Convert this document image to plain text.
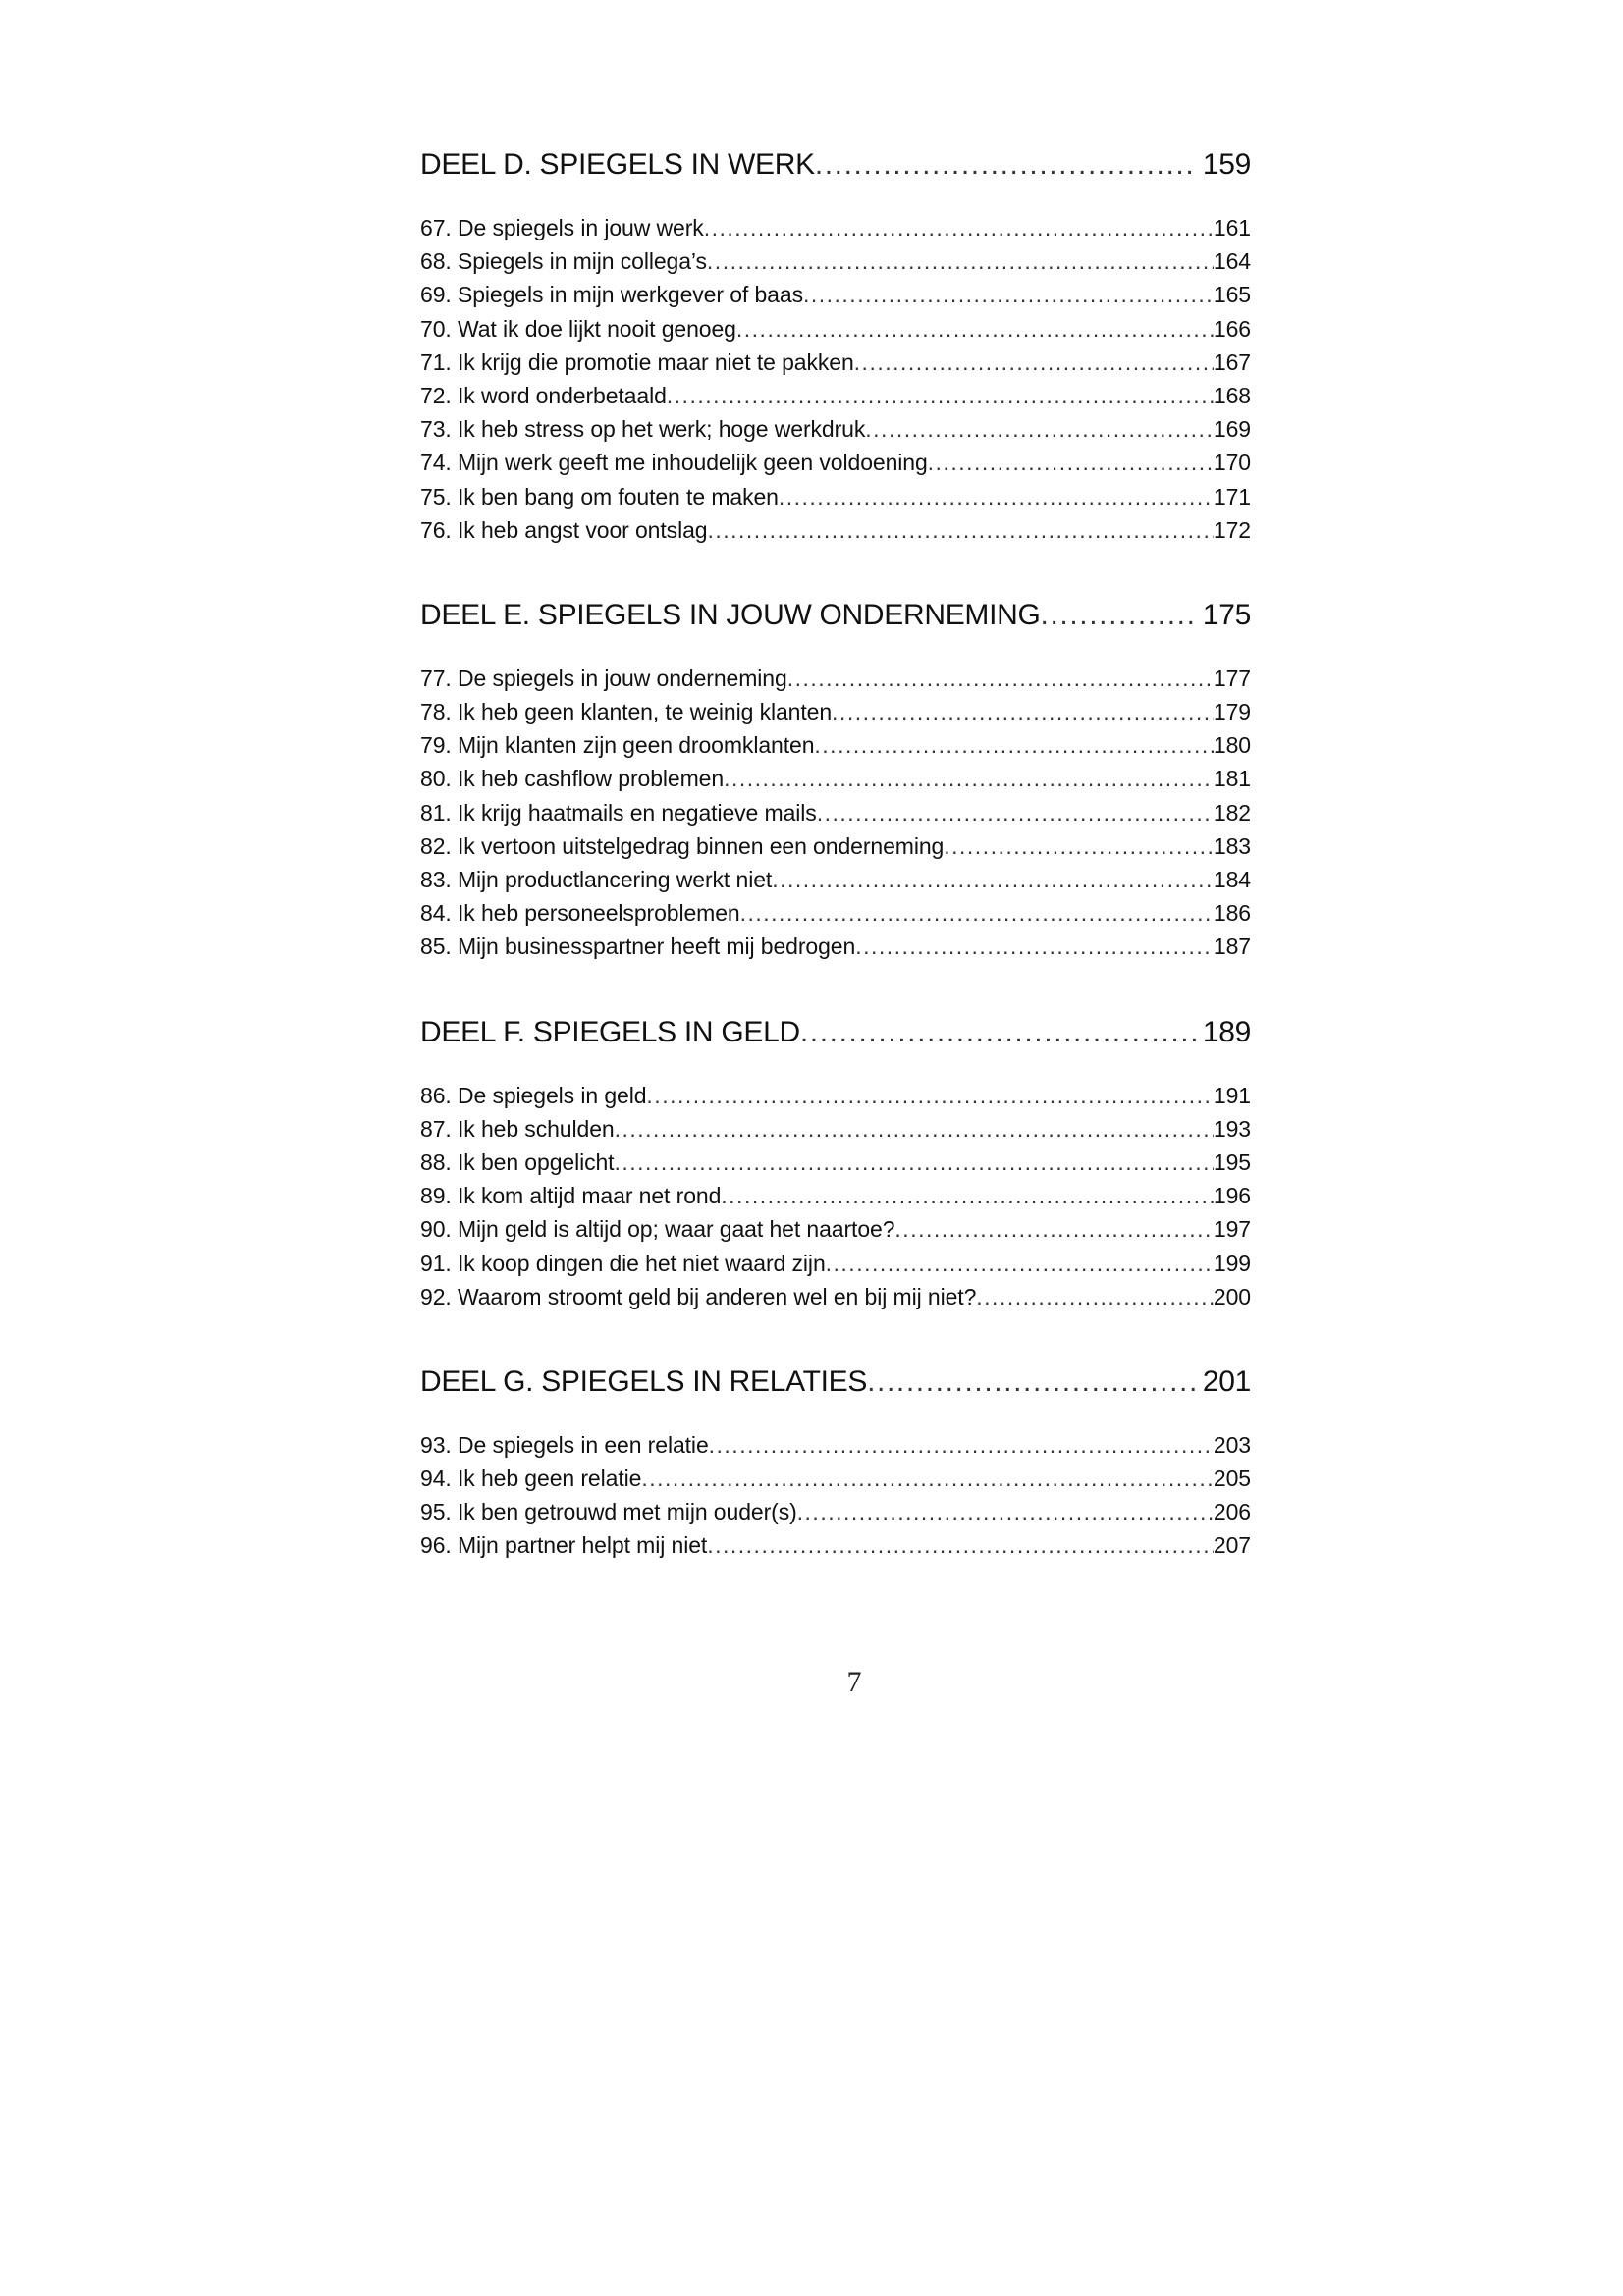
DEEL D. SPIEGELS IN WERK .....	159
67. De spiegels in jouw werk .....	161
68. Spiegels in mijn collega’s .....	164
69. Spiegels in mijn werkgever of baas .....	165
70. Wat ik doe lijkt nooit genoeg .....	166
71. Ik krijg die promotie maar niet te pakken .....	167
72. Ik word onderbetaald .....	168
73. Ik heb stress op het werk; hoge werkdruk .....	169
74. Mijn werk geeft me inhoudelijk geen voldoening .....	170
75. Ik ben bang om fouten te maken .....	171
76. Ik heb angst voor ontslag .....	172
DEEL E. SPIEGELS IN JOUW ONDERNEMING .....	175
77. De spiegels in jouw onderneming .....	177
78. Ik heb geen klanten, te weinig klanten .....	179
79. Mijn klanten zijn geen droomklanten .....	180
80. Ik heb cashflow problemen .....	181
81. Ik krijg haatmails en negatieve mails .....	182
82. Ik vertoon uitstelgedrag binnen een onderneming .....	183
83. Mijn productlancering werkt niet .....	184
84. Ik heb personeelsproblemen .....	186
85. Mijn businesspartner heeft mij bedrogen .....	187
DEEL F. SPIEGELS IN GELD .....	189
86. De spiegels in geld .....	191
87. Ik heb schulden .....	193
88. Ik ben opgelicht .....	195
89. Ik kom altijd maar net rond .....	196
90. Mijn geld is altijd op; waar gaat het naartoe? .....	197
91. Ik koop dingen die het niet waard zijn .....	199
92. Waarom stroomt geld bij anderen wel en bij mij niet? .....	200
DEEL G. SPIEGELS IN RELATIES .....	201
93. De spiegels in een relatie .....	203
94. Ik heb geen relatie .....	205
95. Ik ben getrouwd met mijn ouder(s) .....	206
96. Mijn partner helpt mij niet .....	207
7
